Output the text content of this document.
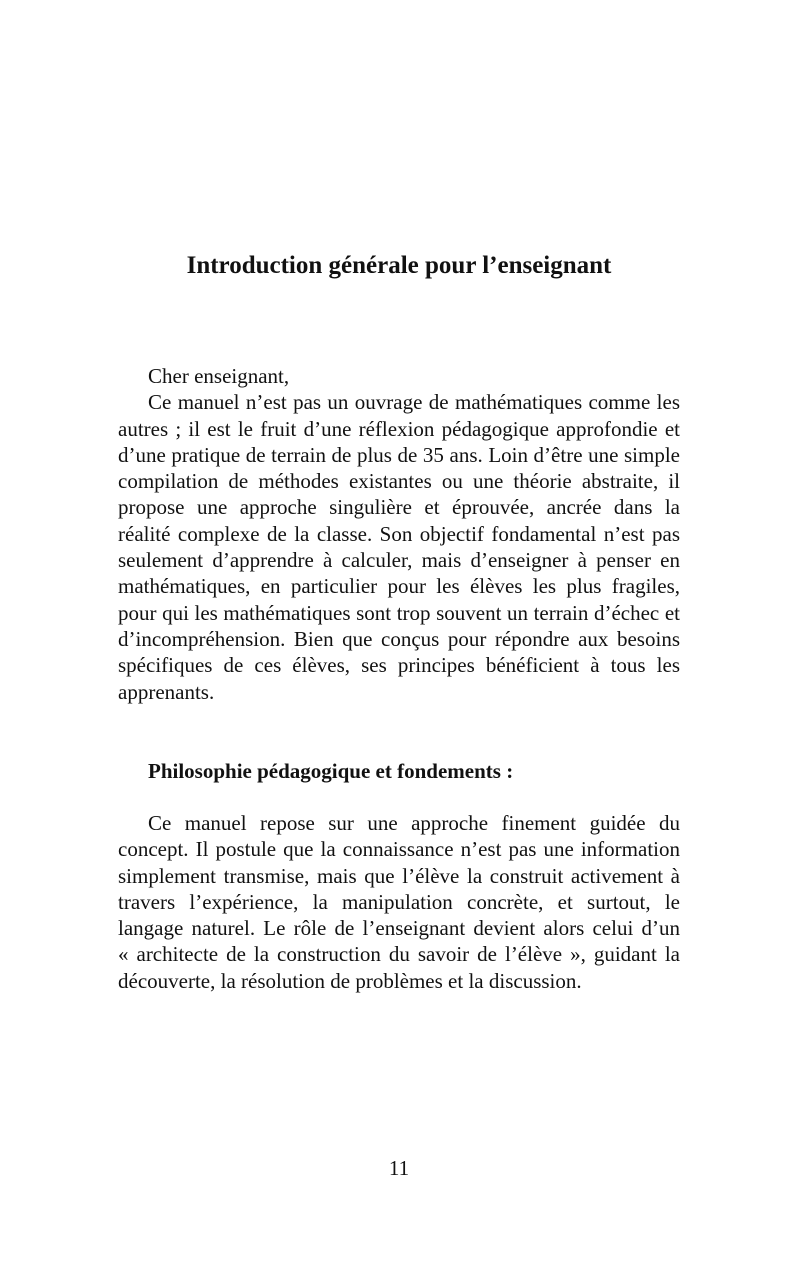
Introduction générale pour l’enseignant

Cher enseignant,

Ce manuel n’est pas un ouvrage de mathématiques comme les autres ; il est le fruit d’une réflexion pédagogique approfondie et d’une pratique de terrain de plus de 35 ans. Loin d’être une simple compilation de méthodes existantes ou une théorie abstraite, il propose une approche singulière et éprouvée, ancrée dans la réalité complexe de la classe. Son objectif fondamental n’est pas seulement d’apprendre à calculer, mais d’enseigner à penser en mathématiques, en particulier pour les élèves les plus fragiles, pour qui les mathématiques sont trop souvent un terrain d’échec et d’incompréhension. Bien que conçus pour répondre aux besoins spécifiques de ces élèves, ses principes bénéficient à tous les apprenants.

Philosophie pédagogique et fondements :

Ce manuel repose sur une approche finement guidée du concept. Il postule que la connaissance n’est pas une information simplement transmise, mais que l’élève la construit activement à travers l’expérience, la manipulation concrète, et surtout, le langage naturel. Le rôle de l’enseignant devient alors celui d’un « architecte de la construction du savoir de l’élève », guidant la découverte, la résolution de problèmes et la discussion.

11
